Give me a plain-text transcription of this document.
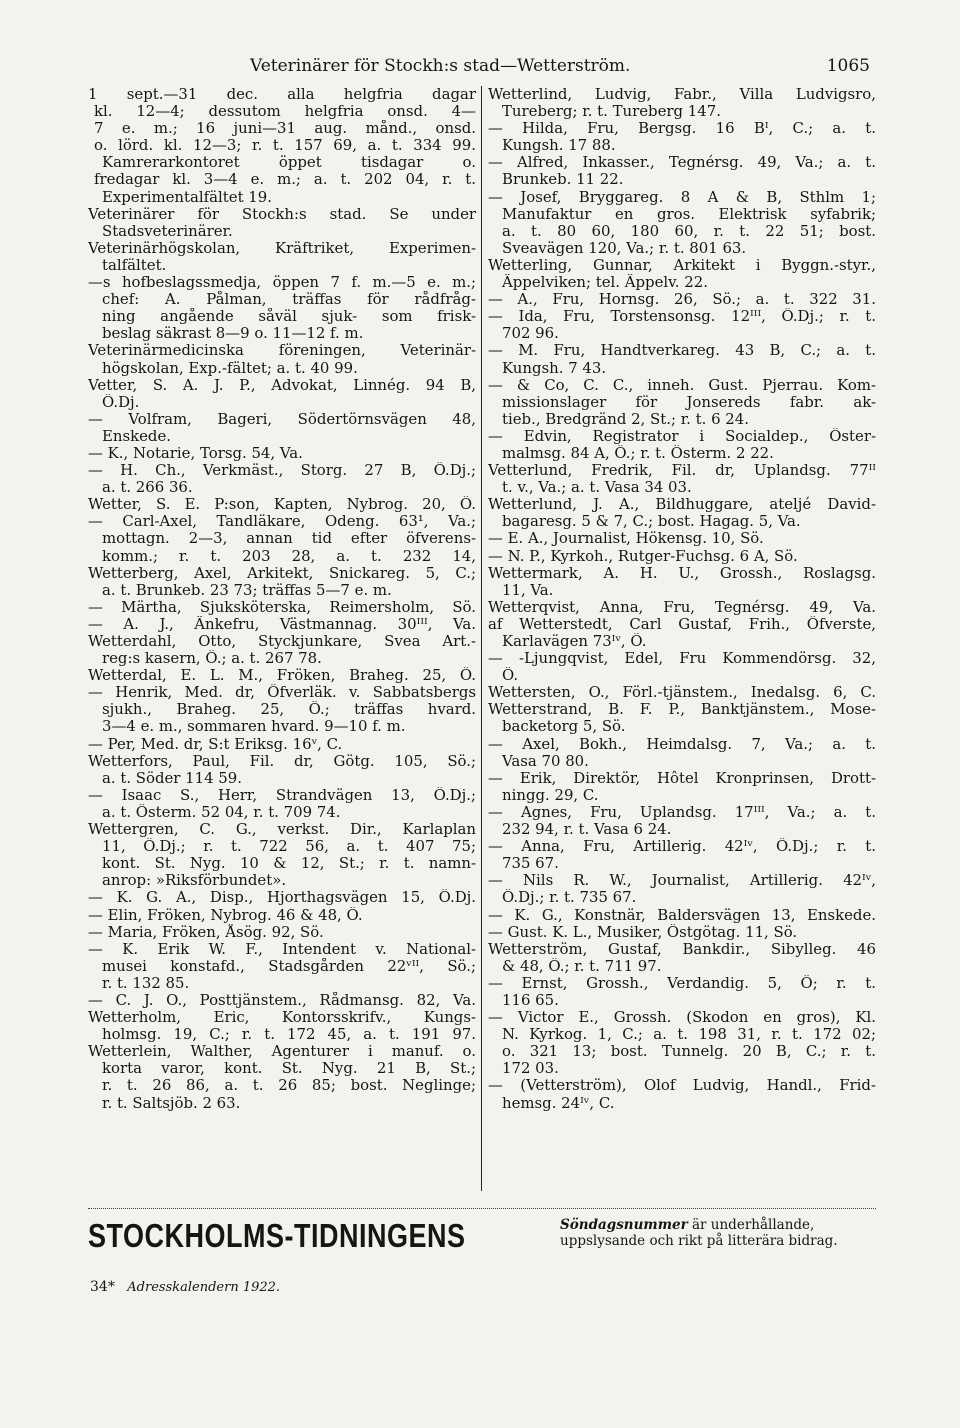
Veterinärer för Stockh:s stad—Wetterström.	1065
1 sept.—31 dec. alla helgfria dagar
kl. 12—4; dessutom helgfria onsd. 4—
7 e. m.; 16 juni—31 aug. månd., onsd.
o. lörd. kl. 12—3; r. t. 157 69, a. t. 334 99.
Kamrerarkontoret öppet tisdagar o.
fredagar kl. 3—4 e. m.; a. t. 202 04, r. t.
Experimentalfältet 19.
Veterinärer för Stockh:s stad. Se under
Stadsveterinärer.
Veterinärhögskolan, Kräftriket, Experimen-
talfältet.
—s hofbeslagssmedja, öppen 7 f. m.—5 e. m.;
chef: A. Pålman, träffas för rådfråg-
ning angående såväl sjuk- som frisk-
beslag säkrast 8—9 o. 11—12 f. m.
Veterinärmedicinska föreningen, Veterinär-
högskolan, Exp.-fältet; a. t. 40 99.
Vetter, S. A. J. P., Advokat, Linnég. 94 B,
Ö.Dj.
— Volfram, Bageri, Södertörnsvägen 48,
Enskede.
— K., Notarie, Torsg. 54, Va.
— H. Ch., Verkmäst., Storg. 27 B, Ö.Dj.;
a. t. 266 36.
Wetter, S. E. P:son, Kapten, Nybrog. 20, Ö.
— Carl-Axel, Tandläkare, Odeng. 63¹, Va.;
mottagn. 2—3, annan tid efter öfverens-
komm.; r. t. 203 28, a. t. 232 14,
Wetterberg, Axel, Arkitekt, Snickareg. 5, C.;
a. t. Brunkeb. 23 73; träffas 5—7 e. m.
— Märtha, Sjuksköterska, Reimersholm, Sö.
— A. J., Änkefru, Västmannag. 30ᴵᴵᴵ, Va.
Wetterdahl, Otto, Styckjunkare, Svea Art.-
reg:s kasern, Ö.; a. t. 267 78.
Wetterdal, E. L. M., Fröken, Braheg. 25, Ö.
— Henrik, Med. dr, Öfverläk. v. Sabbatsbergs
sjukh., Braheg. 25, Ö.; träffas hvard.
3—4 e. m., sommaren hvard. 9—10 f. m.
— Per, Med. dr, S:t Eriksg. 16ᵛ, C.
Wetterfors, Paul, Fil. dr, Götg. 105, Sö.;
a. t. Söder 114 59.
— Isaac S., Herr, Strandvägen 13, Ö.Dj.;
a. t. Österm. 52 04, r. t. 709 74.
Wettergren, C. G., verkst. Dir., Karlaplan
11, Ö.Dj.; r. t. 722 56, a. t. 407 75;
kont. St. Nyg. 10 & 12, St.; r. t. namn-
anrop: »Riksförbundet».
— K. G. A., Disp., Hjorthagsvägen 15, Ö.Dj.
— Elin, Fröken, Nybrog. 46 & 48, Ö.
— Maria, Fröken, Åsög. 92, Sö.
— K. Erik W. F., Intendent v. National-
musei konstafd., Stadsgården 22ᵛᴵᴵ, Sö.;
r. t. 132 85.
— C. J. O., Posttjänstem., Rådmansg. 82, Va.
Wetterholm, Eric, Kontorsskrifv., Kungs-
holmsg. 19, C.; r. t. 172 45, a. t. 191 97.
Wetterlein, Walther, Agenturer i manuf. o.
korta varor, kont. St. Nyg. 21 B, St.;
r. t. 26 86, a. t. 26 85; bost. Neglinge;
r. t. Saltsjöb. 2 63.
Wetterlind, Ludvig, Fabr., Villa Ludvigsro,
Tureberg; r. t. Tureberg 147.
— Hilda, Fru, Bergsg. 16 Bᴵ, C.; a. t.
Kungsh. 17 88.
— Alfred, Inkasser., Tegnérsg. 49, Va.; a. t.
Brunkeb. 11 22.
— Josef, Bryggareg. 8 A & B, Sthlm 1;
Manufaktur en gros. Elektrisk syfabrik;
a. t. 80 60, 180 60, r. t. 22 51; bost.
Sveavägen 120, Va.; r. t. 801 63.
Wetterling, Gunnar, Arkitekt i Byggn.-styr.,
Äppelviken; tel. Äppelv. 22.
— A., Fru, Hornsg. 26, Sö.; a. t. 322 31.
— Ida, Fru, Torstensonsg. 12ᴵᴵᴵ, Ö.Dj.; r. t.
702 96.
— M. Fru, Handtverkareg. 43 B, C.; a. t.
Kungsh. 7 43.
— & Co, C. C., inneh. Gust. Pjerrau. Kom-
missionslager för Jonsereds fabr. ak-
tieb., Bredgränd 2, St.; r. t. 6 24.
— Edvin, Registrator i Socialdep., Öster-
malmsg. 84 A, Ö.; r. t. Österm. 2 22.
Vetterlund, Fredrik, Fil. dr, Uplandsg. 77ᴵᴵ
t. v., Va.; a. t. Vasa 34 03.
Wetterlund, J. A., Bildhuggare, ateljé David-
bagaresg. 5 & 7, C.; bost. Hagag. 5, Va.
— E. A., Journalist, Hökensg. 10, Sö.
— N. P., Kyrkoh., Rutger-Fuchsg. 6 A, Sö.
Wettermark, A. H. U., Grossh., Roslagsg.
11, Va.
Wetterqvist, Anna, Fru, Tegnérsg. 49, Va.
af Wetterstedt, Carl Gustaf, Frih., Öfverste,
Karlavägen 73ᴵᵛ, Ö.
— -Ljungqvist, Edel, Fru Kommendörsg. 32,
Ö.
Wettersten, O., Förl.-tjänstem., Inedalsg. 6, C.
Wetterstrand, B. F. P., Banktjänstem., Mose-
backetorg 5, Sö.
— Axel, Bokh., Heimdalsg. 7, Va.; a. t.
Vasa 70 80.
— Erik, Direktör, Hôtel Kronprinsen, Drott-
ningg. 29, C.
— Agnes, Fru, Uplandsg. 17ᴵᴵᴵ, Va.; a. t.
232 94, r. t. Vasa 6 24.
— Anna, Fru, Artillerig. 42ᴵᵛ, Ö.Dj.; r. t.
735 67.
— Nils R. W., Journalist, Artillerig. 42ᴵᵛ,
Ö.Dj.; r. t. 735 67.
— K. G., Konstnär, Baldersvägen 13, Enskede.
— Gust. K. L., Musiker, Östgötag. 11, Sö.
Wetterström, Gustaf, Bankdir., Sibylleg. 46
& 48, Ö.; r. t. 711 97.
— Ernst, Grossh., Verdandig. 5, Ö; r. t.
116 65.
— Victor E., Grossh. (Skodon en gros), Kl.
N. Kyrkog. 1, C.; a. t. 198 31, r. t. 172 02;
o. 321 13; bost. Tunnelg. 20 B, C.; r. t.
172 03.
— (Vetterström), Olof Ludvig, Handl., Frid-
hemsg. 24ᴵᵛ, C.
STOCKHOLMS-TIDNINGENS	Söndagsnummer är underhållande, uppslysande och rikt på litterära bidrag.
34* Adresskalendern 1922.
